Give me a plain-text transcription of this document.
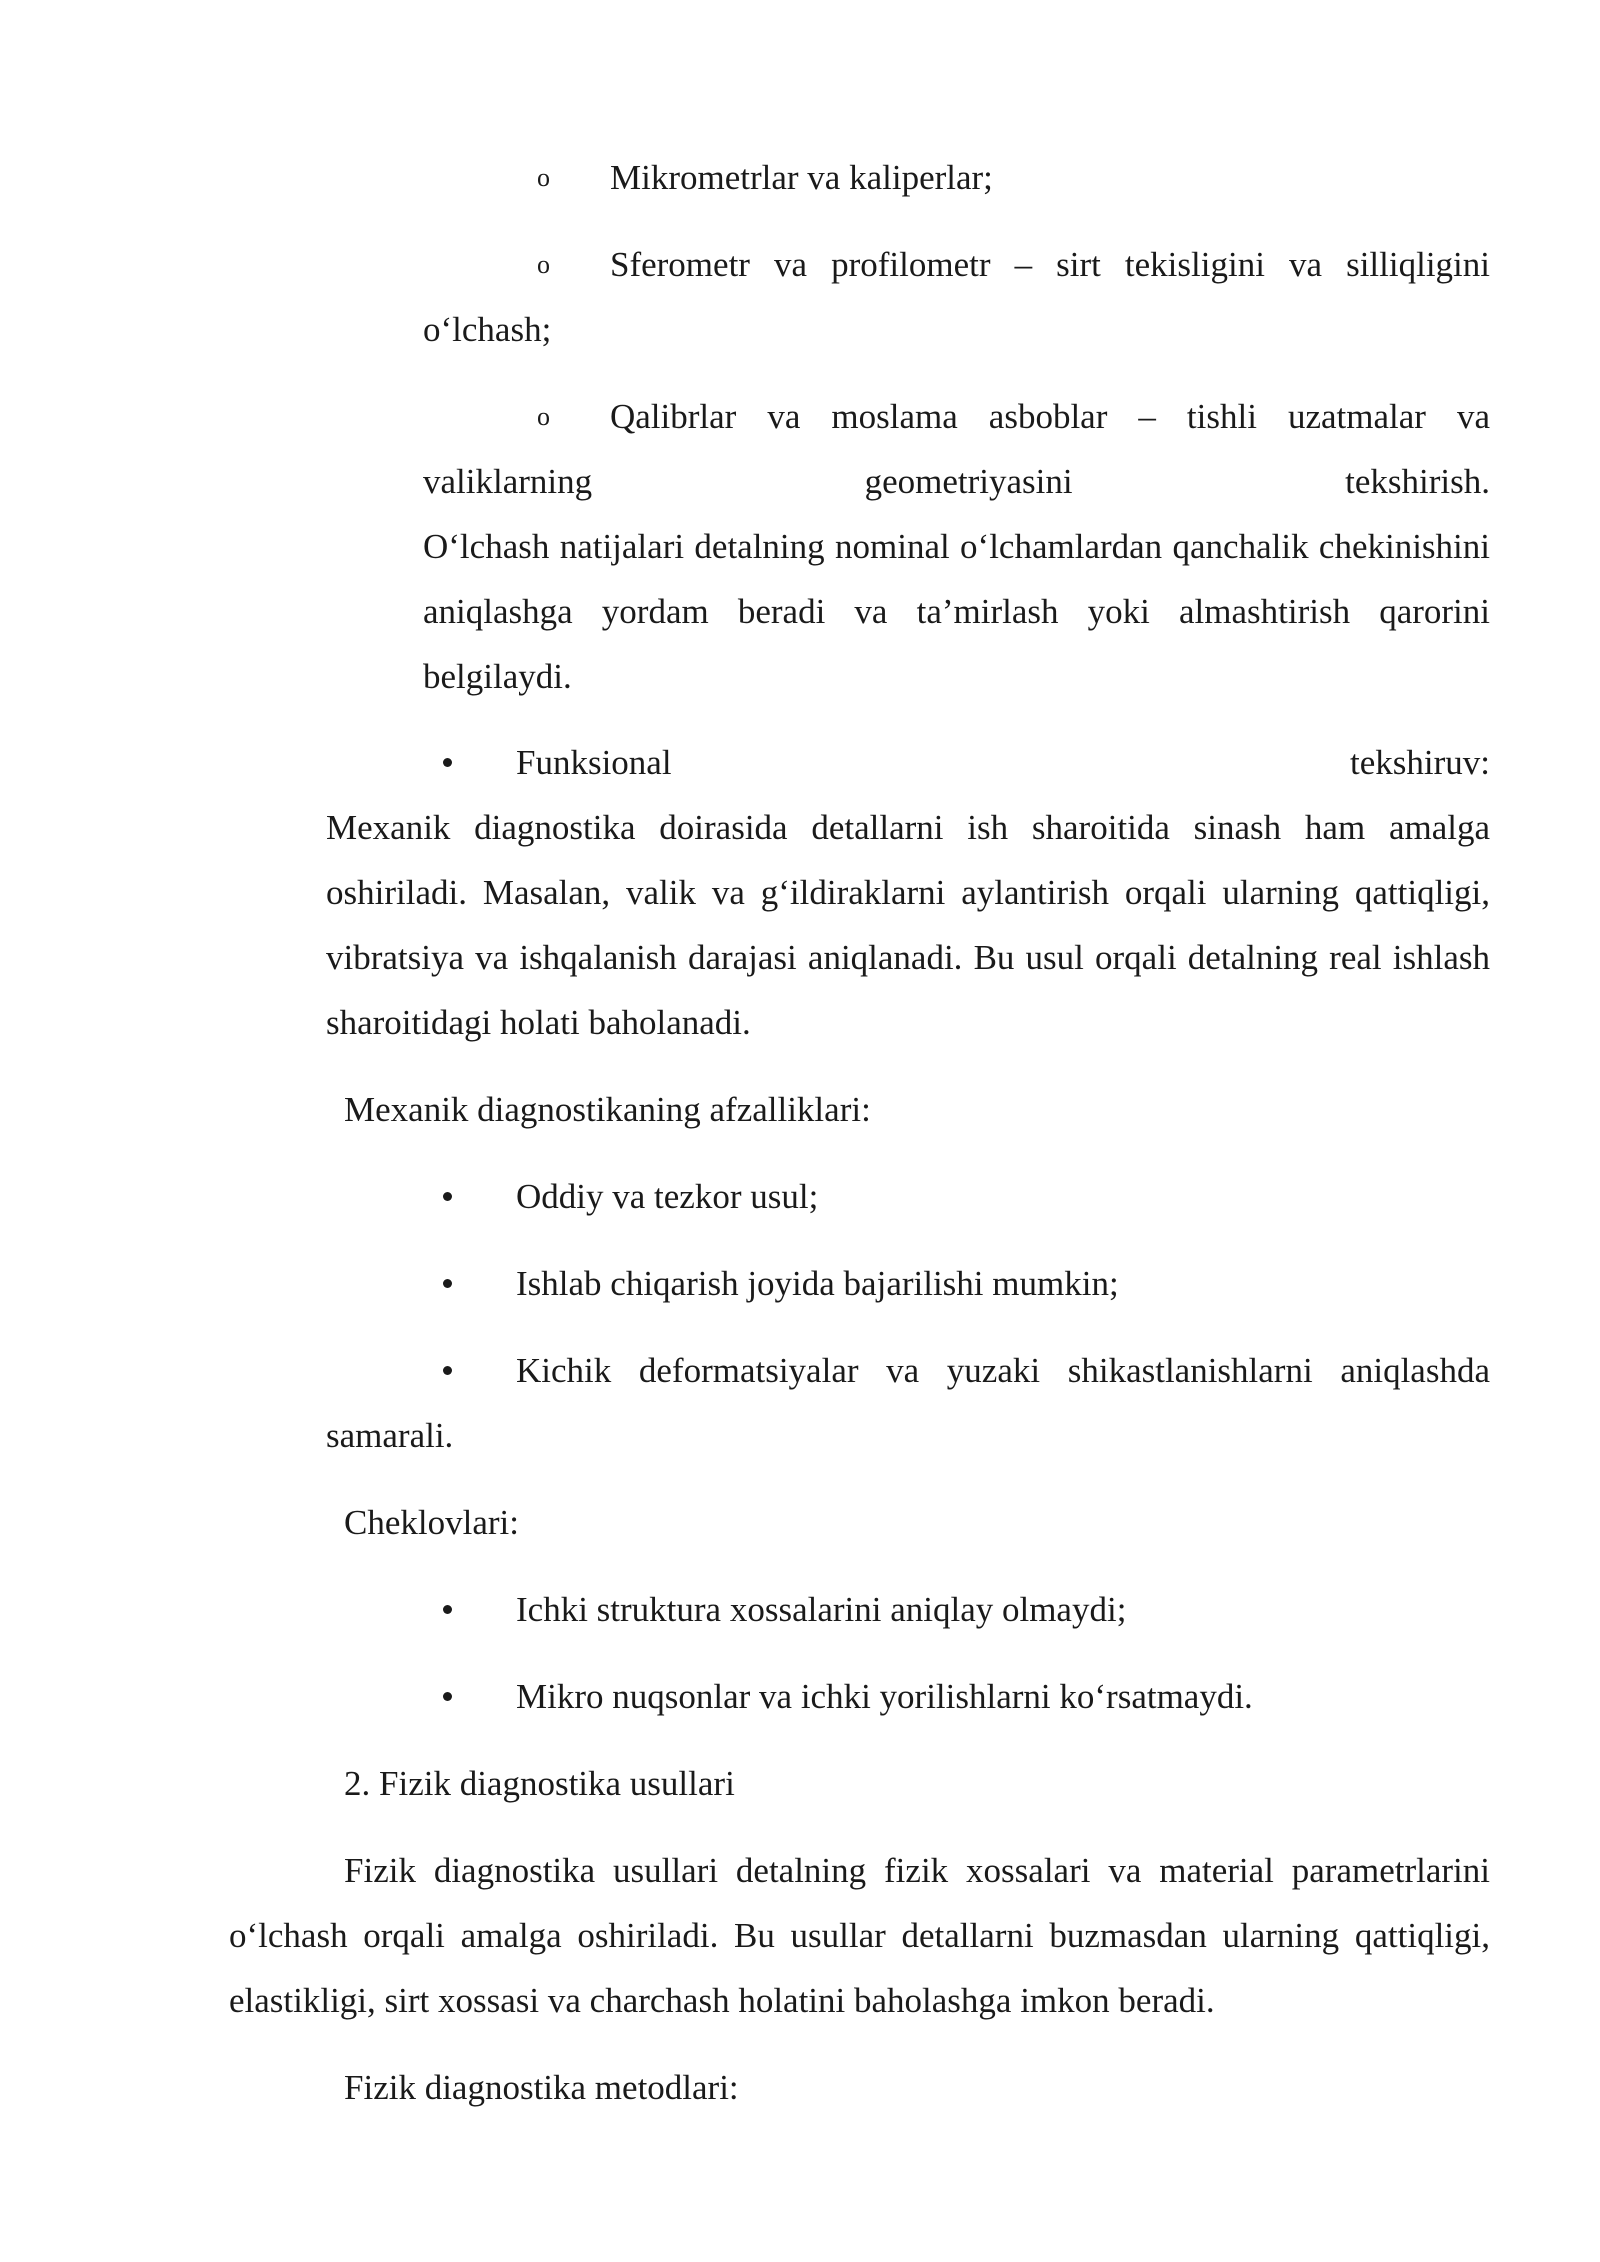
o Mikrometrlar va kaliperlar;

o Sferometr va profilometr – sirt tekisligini va silliqligini

o‘lchash;

o Qalibrlar va moslama asboblar – tishli uzatmalar va

valiklarning geometriyasini tekshirish.

O‘lchash natijalari detalning nominal o‘lchamlardan qanchalik chekinishini aniqlashga yordam beradi va ta’mirlash yoki almashtirish qarorini belgilaydi.

Funksional tekshiruv:

Mexanik diagnostika doirasida detallarni ish sharoitida sinash ham amalga oshiriladi. Masalan, valik va g‘ildiraklarni aylantirish orqali ularning qattiqligi, vibratsiya va ishqalanish darajasi aniqlanadi. Bu usul orqali detalning real ishlash sharoitidagi holati baholanadi.

Mexanik diagnostikaning afzalliklari:

Oddiy va tezkor usul;

Ishlab chiqarish joyida bajarilishi mumkin;

Kichik deformatsiyalar va yuzaki shikastlanishlarni aniqlashda

samarali.

Cheklovlari:

Ichki struktura xossalarini aniqlay olmaydi;

Mikro nuqsonlar va ichki yorilishlarni ko‘rsatmaydi.

2. Fizik diagnostika usullari

Fizik diagnostika usullari detalning fizik xossalari va material parametrlarini o‘lchash orqali amalga oshiriladi. Bu usullar detallarni buzmasdan ularning qattiqligi, elastikligi, sirt xossasi va charchash holatini baholashga imkon beradi.

Fizik diagnostika metodlari:
